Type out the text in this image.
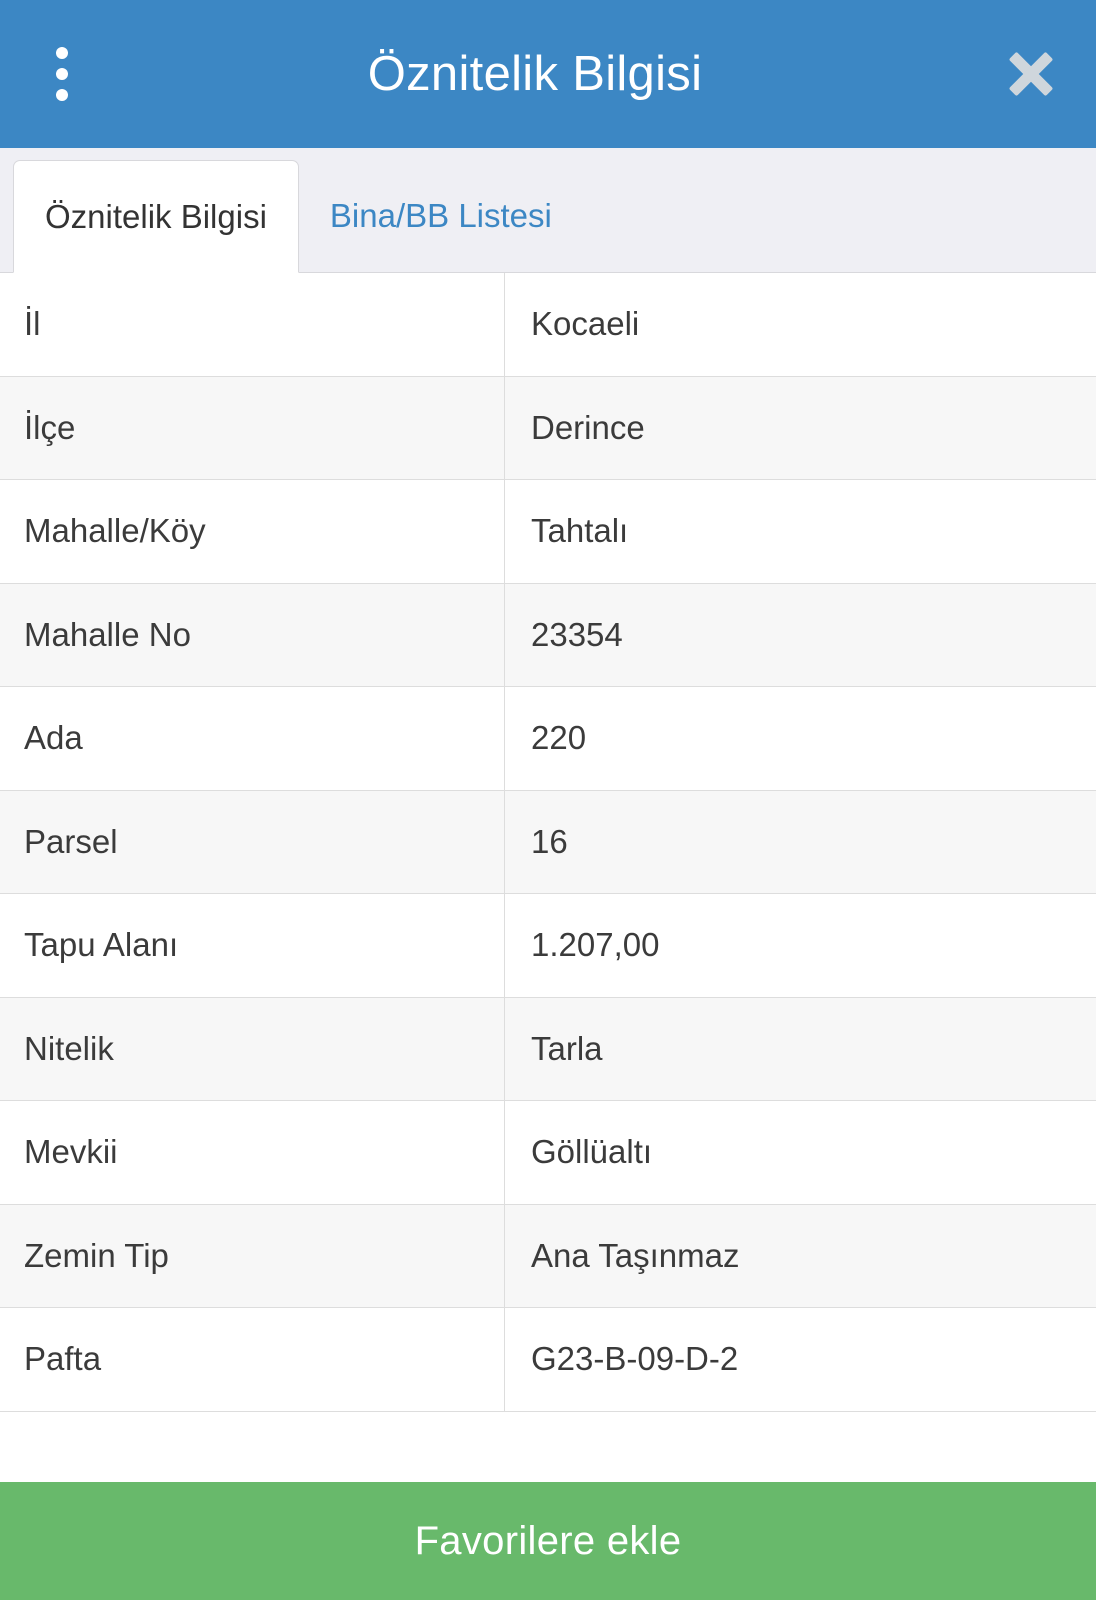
Öznitelik Bilgisi
Öznitelik Bilgisi	Bina/BB Listesi
İl	Kocaeli
İlçe	Derince
Mahalle/Köy	Tahtalı
Mahalle No	23354
Ada	220
Parsel	16
Tapu Alanı	1.207,00
Nitelik	Tarla
Mevkii	Göllüaltı
Zemin Tip	Ana Taşınmaz
Pafta	G23-B-09-D-2
Favorilere ekle
